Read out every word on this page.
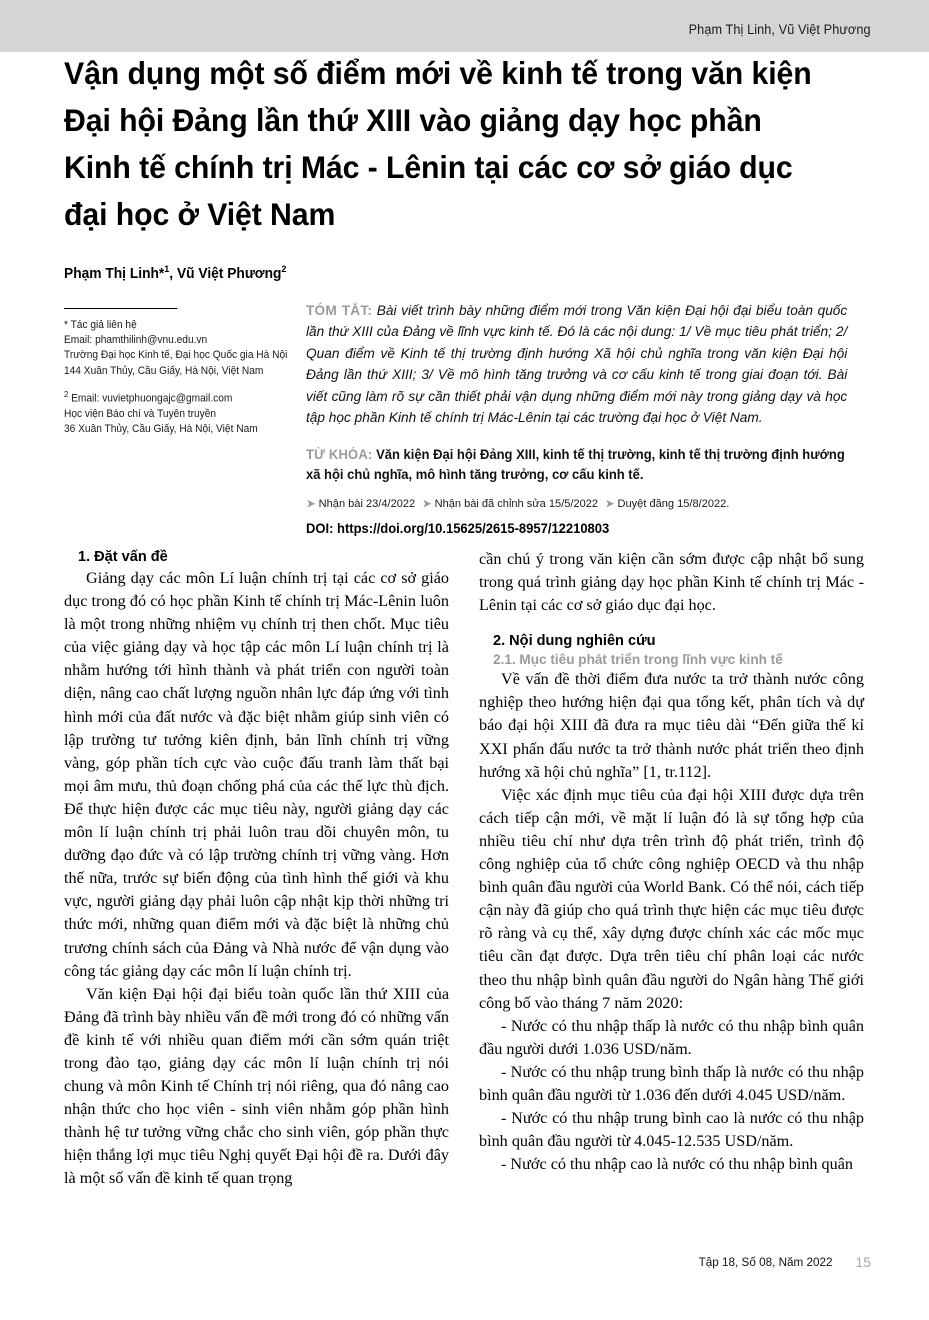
Phạm Thị Linh, Vũ Việt Phương
Vận dụng một số điểm mới về kinh tế trong văn kiện
Đại hội Đảng lần thứ XIII vào giảng dạy học phần
Kinh tế chính trị Mác - Lênin tại các cơ sở giáo dục
đại học ở Việt Nam
Phạm Thị Linh*$^1$, Vũ Việt Phương$^2$

* Tác giả liên hệ

Email: phamthilinh@vnu.edu.vn

Trường Đại học Kinh tế, Đại học Quốc gia Hà Nội

144 Xuân Thủy, Cầu Giấy, Hà Nội, Việt Nam

$^2$ Email: vuvietphuongajc@gmail.com

Học viện Báo chí và Tuyên truyền

36 Xuân Thủy, Cầu Giấy, Hà Nội, Việt Nam

TÓM TẮT: Bài viết trình bày những điểm mới trong Văn kiện Đại hội đại biểu toàn quốc lần thứ XIII của Đảng về lĩnh vực kinh tế. Đó là các nội dung: 1/ Về mục tiêu phát triển; 2/ Quan điểm về Kinh tế thị trường định hướng Xã hội chủ nghĩa trong văn kiện Đại hội Đảng lần thứ XIII; 3/ Về mô hình tăng trưởng và cơ cấu kinh tế trong giai đoạn tới. Bài viết cũng làm rõ sự cần thiết phải vận dụng những điểm mới này trong giảng dạy và học tập học phần Kinh tế chính trị Mác-Lênin tại các trường đại học ở Việt Nam.
TỪ KHÓA: Văn kiện Đại hội Đảng XIII, kinh tế thị trường, kinh tế thị trường định hướng xã hội chủ nghĩa, mô hình tăng trưởng, cơ cấu kinh tế.
➤ Nhận bài 23/4/2022 ➤ Nhận bài đã chỉnh sửa 15/5/2022 ➤ Duyệt đăng 15/8/2022.
DOI: https://doi.org/10.15625/2615-8957/12210803
1. Đặt vấn đề

Giảng dạy các môn Lí luận chính trị tại các cơ sở giáo dục trong đó có học phần Kinh tế chính trị Mác-Lênin luôn là một trong những nhiệm vụ chính trị then chốt. Mục tiêu của việc giảng dạy và học tập các môn Lí luận chính trị là nhằm hướng tới hình thành và phát triển con người toàn diện, nâng cao chất lượng nguồn nhân lực đáp ứng với tình hình mới của đất nước và đặc biệt nhằm giúp sinh viên có lập trường tư tưởng kiên định, bản lĩnh chính trị vững vàng, góp phần tích cực vào cuộc đấu tranh làm thất bại mọi âm mưu, thủ đoạn chống phá của các thế lực thù địch. Để thực hiện được các mục tiêu này, người giảng dạy các môn lí luận chính trị phải luôn trau dồi chuyên môn, tu dưỡng đạo đức và có lập trường chính trị vững vàng. Hơn thế nữa, trước sự biến động của tình hình thế giới và khu vực, người giảng dạy phải luôn cập nhật kịp thời những tri thức mới, những quan điểm mới và đặc biệt là những chủ trương chính sách của Đảng và Nhà nước để vận dụng vào công tác giảng dạy các môn lí luận chính trị.

Văn kiện Đại hội đại biểu toàn quốc lần thứ XIII của Đảng đã trình bày nhiều vấn đề mới trong đó có những vấn đề kinh tế với nhiều quan điểm mới cần sớm quán triệt trong đào tạo, giảng dạy các môn lí luận chính trị nói chung và môn Kinh tế Chính trị nói riêng, qua đó nâng cao nhận thức cho học viên - sinh viên nhằm góp phần hình thành hệ tư tưởng vững chắc cho sinh viên, góp phần thực hiện thắng lợi mục tiêu Nghị quyết Đại hội đề ra. Dưới đây là một số vấn đề kinh tế quan trọng

cần chú ý trong văn kiện cần sớm được cập nhật bổ sung trong quá trình giảng dạy học phần Kinh tế chính trị Mác - Lênin tại các cơ sở giáo dục đại học.

2. Nội dung nghiên cứu
2.1. Mục tiêu phát triển trong lĩnh vực kinh tế

Về vấn đề thời điểm đưa nước ta trở thành nước công nghiệp theo hướng hiện đại qua tổng kết, phân tích và dự báo đại hội XIII đã đưa ra mục tiêu dài “Đến giữa thế kỉ XXI phấn đấu nước ta trở thành nước phát triển theo định hướng xã hội chủ nghĩa” [1, tr.112].

Việc xác định mục tiêu của đại hội XIII được dựa trên cách tiếp cận mới, về mặt lí luận đó là sự tổng hợp của nhiều tiêu chí như dựa trên trình độ phát triển, trình độ công nghiệp của tổ chức công nghiệp OECD và thu nhập bình quân đầu người của World Bank. Có thể nói, cách tiếp cận này đã giúp cho quá trình thực hiện các mục tiêu được rõ ràng và cụ thể, xây dựng được chính xác các mốc mục tiêu cần đạt được. Dựa trên tiêu chí phân loại các nước theo thu nhập bình quân đầu người do Ngân hàng Thế giới công bố vào tháng 7 năm 2020:

- Nước có thu nhập thấp là nước có thu nhập bình quân đầu người dưới 1.036 USD/năm.

- Nước có thu nhập trung bình thấp là nước có thu nhập bình quân đầu người từ 1.036 đến dưới 4.045 USD/năm.

- Nước có thu nhập trung bình cao là nước có thu nhập bình quân đầu người từ 4.045-12.535 USD/năm.

- Nước có thu nhập cao là nước có thu nhập bình quân

Tập 18, Số 08, Năm 2022 15
